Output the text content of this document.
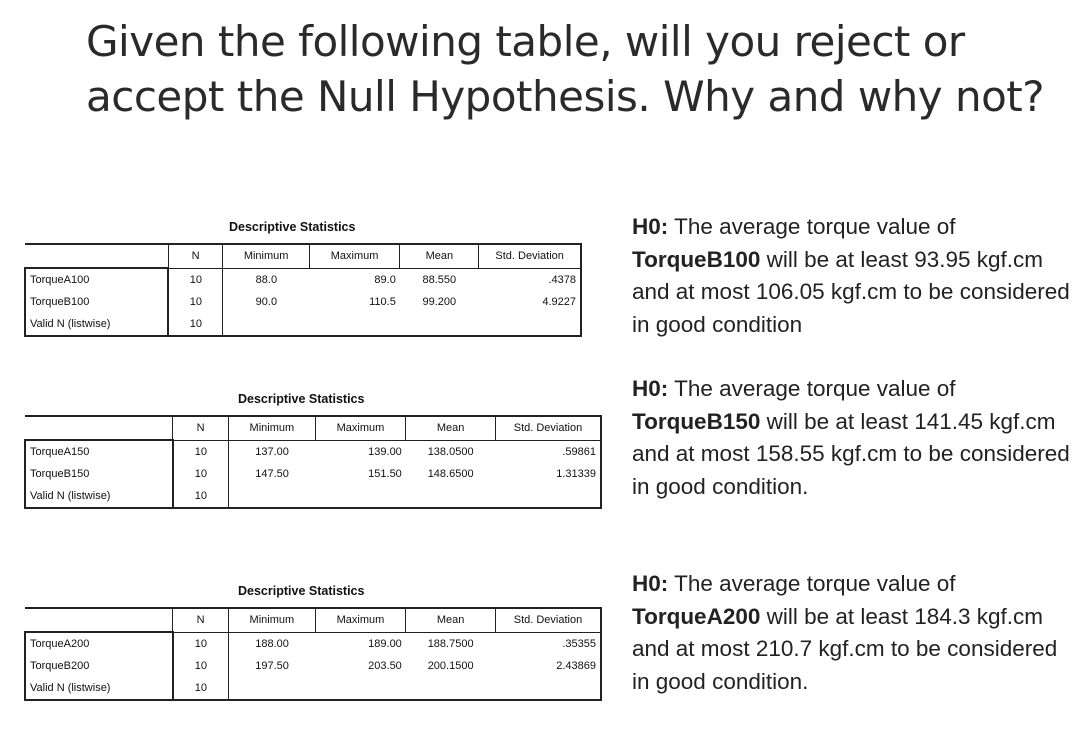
Given the following table, will you reject or
accept the Null Hypothesis. Why and why not?
Descriptive Statistics
	N	Minimum	Maximum	Mean	Std. Deviation
TorqueA100	10	88.0	89.0	88.550	.4378
TorqueB100	10	90.0	110.5	99.200	4.9227
Valid N (listwise)	10				
Descriptive Statistics
	N	Minimum	Maximum	Mean	Std. Deviation
TorqueA150	10	137.00	139.00	138.0500	.59861
TorqueB150	10	147.50	151.50	148.6500	1.31339
Valid N (listwise)	10				
Descriptive Statistics
	N	Minimum	Maximum	Mean	Std. Deviation
TorqueA200	10	188.00	189.00	188.7500	.35355
TorqueB200	10	197.50	203.50	200.1500	2.43869
Valid N (listwise)	10				
H0: The average torque value of TorqueB100 will be at least 93.95 kgf.cm and at most 106.05 kgf.cm to be considered in good condition
H0: The average torque value of TorqueB150 will be at least 141.45 kgf.cm and at most 158.55 kgf.cm to be considered in good condition.
H0: The average torque value of TorqueA200 will be at least 184.3 kgf.cm and at most 210.7 kgf.cm to be considered in good condition.
